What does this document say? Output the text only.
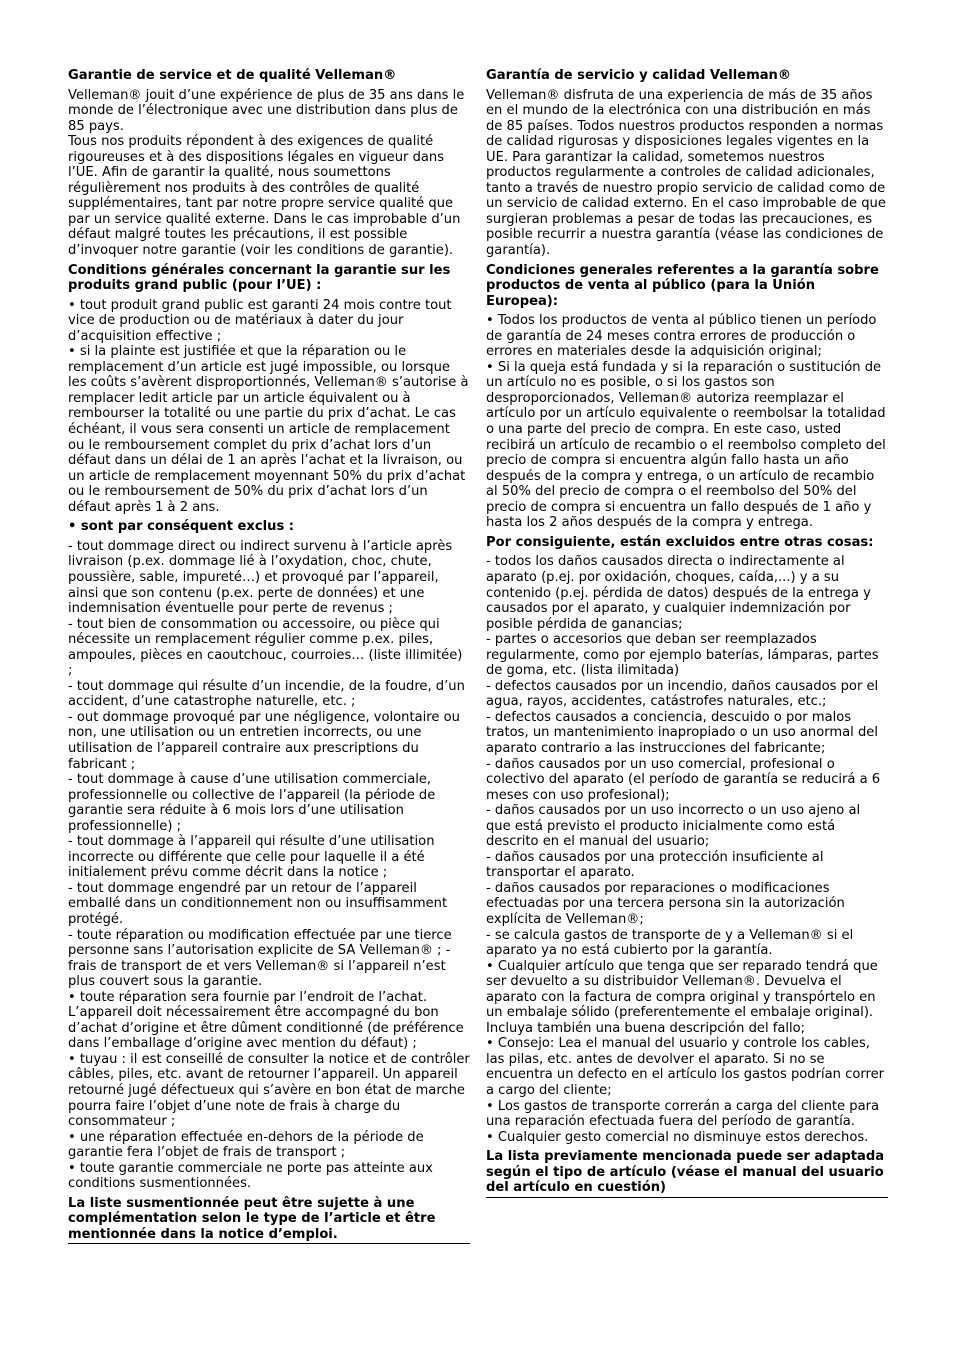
Garantie de service et de qualité Velleman®
Velleman® jouit d’une expérience de plus de 35 ans dans le monde de l’électronique avec une distribution dans plus de 85 pays.
Tous nos produits répondent à des exigences de qualité rigoureuses et à des dispositions légales en vigueur dans l’UE. Afin de garantir la qualité, nous soumettons régulièrement nos produits à des contrôles de qualité supplémentaires, tant par notre propre service qualité que par un service qualité externe. Dans le cas improbable d’un défaut malgré toutes les précautions, il est possible d’invoquer notre garantie (voir les conditions de garantie).
Conditions générales concernant la garantie sur les produits grand public (pour l’UE) :
• tout produit grand public est garanti 24 mois contre tout vice de production ou de matériaux à dater du jour d’acquisition effective ;
• si la plainte est justifiée et que la réparation ou le remplacement d’un article est jugé impossible, ou lorsque les coûts s’avèrent disproportionnés, Velleman® s’autorise à remplacer ledit article par un article équivalent ou à rembourser la totalité ou une partie du prix d’achat. Le cas échéant, il vous sera consenti un article de remplacement ou le remboursement complet du prix d’achat lors d’un défaut dans un délai de 1 an après l’achat et la livraison, ou un article de remplacement moyennant 50% du prix d’achat ou le remboursement de 50% du prix d’achat lors d’un défaut après 1 à 2 ans.
• sont par conséquent exclus :
- tout dommage direct ou indirect survenu à l’article après livraison (p.ex. dommage lié à l’oxydation, choc, chute, poussière, sable, impureté…) et provoqué par l’appareil, ainsi que son contenu (p.ex. perte de données) et une indemnisation éventuelle pour perte de revenus ;
- tout bien de consommation ou accessoire, ou pièce qui nécessite un remplacement régulier comme p.ex. piles, ampoules, pièces en caoutchouc, courroies… (liste illimitée) ;
- tout dommage qui résulte d’un incendie, de la foudre, d’un accident, d’une catastrophe naturelle, etc. ;
- out dommage provoqué par une négligence, volontaire ou non, une utilisation ou un entretien incorrects, ou une utilisation de l’appareil contraire aux prescriptions du fabricant ;
- tout dommage à cause d’une utilisation commerciale, professionnelle ou collective de l’appareil (la période de garantie sera réduite à 6 mois lors d’une utilisation professionnelle) ;
- tout dommage à l’appareil qui résulte d’une utilisation incorrecte ou différente que celle pour laquelle il a été initialement prévu comme décrit dans la notice ;
- tout dommage engendré par un retour de l’appareil emballé dans un conditionnement non ou insuffisamment protégé.
- toute réparation ou modification effectuée par une tierce personne sans l’autorisation explicite de SA Velleman® ; - frais de transport de et vers Velleman® si l’appareil n’est plus couvert sous la garantie.
• toute réparation sera fournie par l’endroit de l’achat. L’appareil doit nécessairement être accompagné du bon d’achat d’origine et être dûment conditionné (de préférence dans l’emballage d’origine avec mention du défaut) ;
• tuyau : il est conseillé de consulter la notice et de contrôler câbles, piles, etc. avant de retourner l’appareil. Un appareil retourné jugé défectueux qui s’avère en bon état de marche pourra faire l’objet d’une note de frais à charge du consommateur ;
• une réparation effectuée en-dehors de la période de garantie fera l’objet de frais de transport ;
• toute garantie commerciale ne porte pas atteinte aux conditions susmentionnées.
La liste susmentionnée peut être sujette à une complémentation selon le type de l’article et être mentionnée dans la notice d’emploi.
Garantía de servicio y calidad Velleman®
Velleman® disfruta de una experiencia de más de 35 años en el mundo de la electrónica con una distribución en más de 85 países. Todos nuestros productos responden a normas de calidad rigurosas y disposiciones legales vigentes en la UE. Para garantizar la calidad, sometemos nuestros productos regularmente a controles de calidad adicionales, tanto a través de nuestro propio servicio de calidad como de un servicio de calidad externo. En el caso improbable de que surgieran problemas a pesar de todas las precauciones, es posible recurrir a nuestra garantía (véase las condiciones de garantía).
Condiciones generales referentes a la garantía sobre productos de venta al público (para la Unión Europea):
• Todos los productos de venta al público tienen un período de garantía de 24 meses contra errores de producción o errores en materiales desde la adquisición original;
• Si la queja está fundada y si la reparación o sustitución de un artículo no es posible, o si los gastos son desproporcionados, Velleman® autoriza reemplazar el artículo por un artículo equivalente o reembolsar la totalidad o una parte del precio de compra. En este caso, usted recibirá un artículo de recambio o el reembolso completo del precio de compra si encuentra algún fallo hasta un año después de la compra y entrega, o un artículo de recambio al 50% del precio de compra o el reembolso del 50% del precio de compra si encuentra un fallo después de 1 año y hasta los 2 años después de la compra y entrega.
Por consiguiente, están excluidos entre otras cosas:
- todos los daños causados directa o indirectamente al aparato (p.ej. por oxidación, choques, caída,...) y a su contenido (p.ej. pérdida de datos) después de la entrega y causados por el aparato, y cualquier indemnización por posible pérdida de ganancias;
- partes o accesorios que deban ser reemplazados regularmente, como por ejemplo baterías, lámparas, partes de goma, etc. (lista ilimitada)
- defectos causados por un incendio, daños causados por el agua, rayos, accidentes, catástrofes naturales, etc.;
- defectos causados a conciencia, descuido o por malos tratos, un mantenimiento inapropiado o un uso anormal del aparato contrario a las instrucciones del fabricante;
- daños causados por un uso comercial, profesional o colectivo del aparato (el período de garantía se reducirá a 6 meses con uso profesional);
- daños causados por un uso incorrecto o un uso ajeno al que está previsto el producto inicialmente como está descrito en el manual del usuario;
- daños causados por una protección insuficiente al transportar el aparato.
- daños causados por reparaciones o modificaciones efectuadas por una tercera persona sin la autorización explícita de Velleman®;
- se calcula gastos de transporte de y a Velleman® si el aparato ya no está cubierto por la garantía.
• Cualquier artículo que tenga que ser reparado tendrá que ser devuelto a su distribuidor Velleman®. Devuelva el aparato con la factura de compra original y transpórtelo en un embalaje sólido (preferentemente el embalaje original). Incluya también una buena descripción del fallo;
• Consejo: Lea el manual del usuario y controle los cables, las pilas, etc. antes de devolver el aparato. Si no se encuentra un defecto en el artículo los gastos podrían correr a cargo del cliente;
• Los gastos de transporte correrán a carga del cliente para una reparación efectuada fuera del período de garantía.
• Cualquier gesto comercial no disminuye estos derechos.
La lista previamente mencionada puede ser adaptada según el tipo de artículo (véase el manual del usuario del artículo en cuestión)
